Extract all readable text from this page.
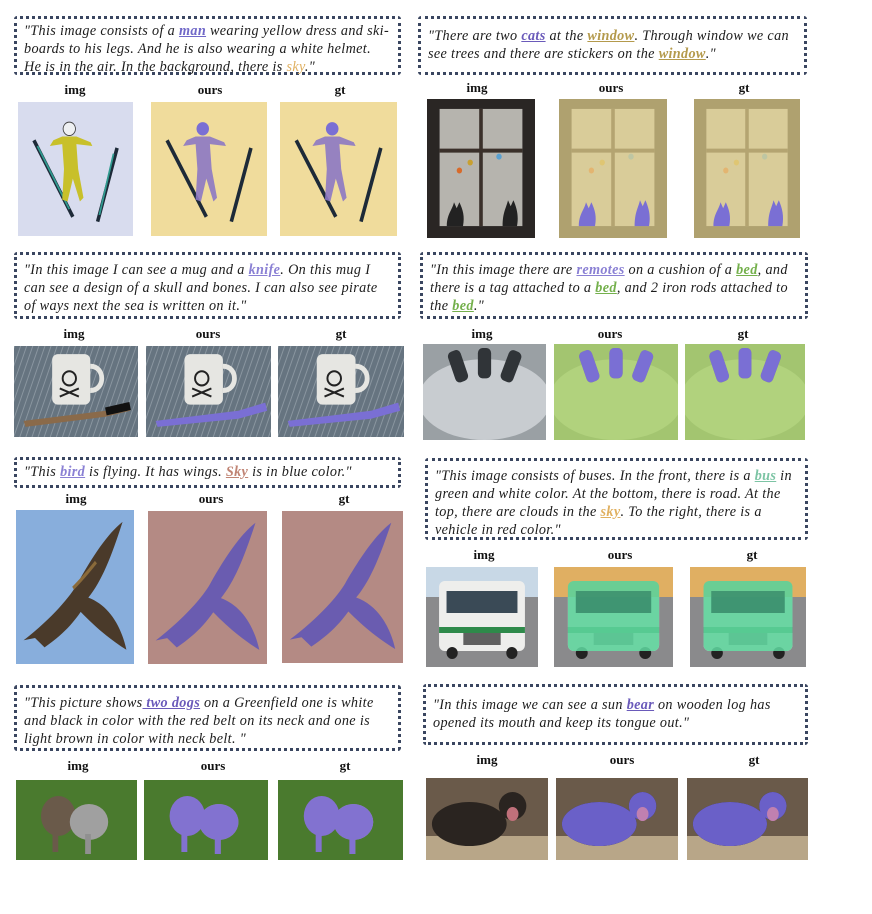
"This image consists of a man wearing yellow dress and ski-boards to his legs. And he is also wearing a white helmet. He is in the air. In the background, there is sky."
img	ours	gt
"There are two cats at the window. Through window we can see trees and there are stickers on the window."
img	ours	gt
"In this image I can see a mug and a knife. On this mug I can see a design of a skull and bones. I can also see pirate of ways next the sea is written on it."
img	ours	gt
"In this image there are remotes on a cushion of a bed, and there is a tag attached to a bed, and 2 iron rods attached to the bed."
img	ours	gt
"This bird is flying. It has wings. Sky is in blue color."
img	ours	gt
"This image consists of buses. In the front, there is a bus in green and white color. At the bottom, there is road. At the top, there are clouds in the sky. To the right, there is a vehicle in red color."
img	ours	gt
"This picture shows two dogs on a Greenfield one is white and black in color with the red belt on its neck and one is light brown in color with neck belt. "
img	ours	gt
"In this image we can see a sun bear on wooden log has opened its mouth and keep its tongue out."
img	ours	gt
